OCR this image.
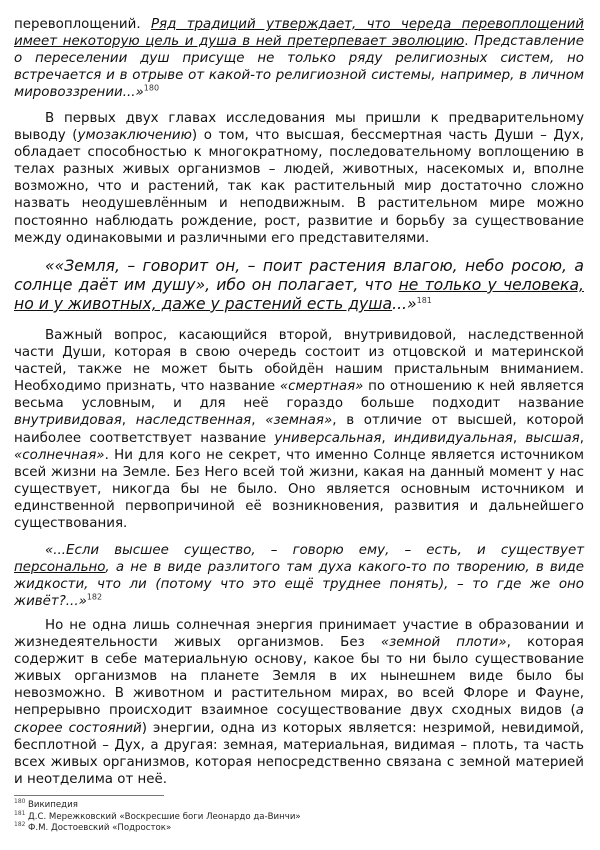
перевоплощений. Ряд традиций утверждает, что череда перевоплощений имеет некоторую цель и душа в ней претерпевает эволюцию. Представление о переселении душ присуще не только ряду религиозных систем, но встречается и в отрыве от какой-то религиозной системы, например, в личном мировоззрении...»$^{180}$

В первых двух главах исследования мы пришли к предварительному выводу (умозаключению) о том, что высшая, бессмертная часть Души – Дух, обладает способностью к многократному, последовательному воплощению в телах разных живых организмов – людей, животных, насекомых и, вполне возможно, что и растений, так как растительный мир достаточно сложно назвать неодушевлённым и неподвижным. В растительном мире можно постоянно наблюдать рождение, рост, развитие и борьбу за существование между одинаковыми и различными его представителями.

««Земля, – говорит он, – поит растения влагою, небо росою, а солнце даёт им душу», ибо он полагает, что не только у человека, но и у животных, даже у растений есть душа...»$^{181}$

Важный вопрос, касающийся второй, внутривидовой, наследственной части Души, которая в свою очередь состоит из отцовской и материнской частей, также не может быть обойдён нашим пристальным вниманием. Необходимо признать, что название «смертная» по отношению к ней является весьма условным, и для неё гораздо больше подходит название внутривидовая, наследственная, «земная», в отличие от высшей, которой наиболее соответствует название универсальная, индивидуальная, высшая, «солнечная». Ни для кого не секрет, что именно Солнце является источником всей жизни на Земле. Без Него всей той жизни, какая на данный момент у нас существует, никогда бы не было. Оно является основным источником и единственной первопричиной её возникновения, развития и дальнейшего существования.

«...Если высшее существо, – говорю ему, – есть, и существует персонально, а не в виде разлитого там духа какого-то по творению, в виде жидкости, что ли (потому что это ещё труднее понять), – то где же оно живёт?...»$^{182}$

Но не одна лишь солнечная энергия принимает участие в образовании и жизнедеятельности живых организмов. Без «земной плоти», которая содержит в себе материальную основу, какое бы то ни было существование живых организмов на планете Земля в их нынешнем виде было бы невозможно. В животном и растительном мирах, во всей Флоре и Фауне, непрерывно происходит взаимное сосуществование двух сходных видов (а скорее состояний) энергии, одна из которых является: незримой, невидимой, бесплотной – Дух, а другая: земная, материальная, видимая – плоть, та часть всех живых организмов, которая непосредственно связана с земной материей и неотделима от неё.

180 Википедия
181 Д.С. Мережковский «Воскресшие боги Леонардо да-Винчи»
182 Ф.М. Достоевский «Подросток»
